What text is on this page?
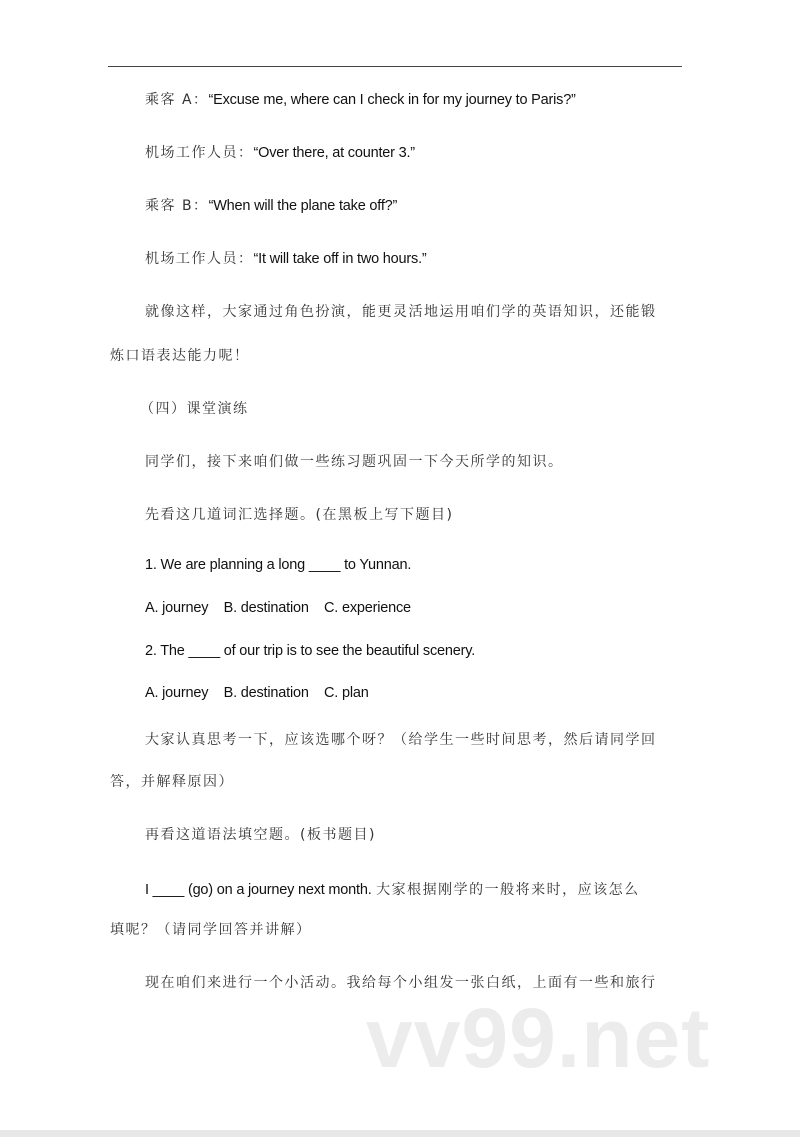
乘客 A：“Excuse me, where can I check in for my journey to Paris?”
机场工作人员：“Over there, at counter 3.”
乘客 B：“When will the plane take off?”
机场工作人员：“It will take off in two hours.”
就像这样，大家通过角色扮演，能更灵活地运用咱们学的英语知识，还能锻
炼口语表达能力呢！
（四）课堂演练
同学们，接下来咱们做一些练习题巩固一下今天所学的知识。
先看这几道词汇选择题。(在黑板上写下题目)
1. We are planning a long ____ to Yunnan.
A. journey B. destination C. experience
2. The ____ of our trip is to see the beautiful scenery.
A. journey B. destination C. plan
大家认真思考一下，应该选哪个呀？（给学生一些时间思考，然后请同学回
答，并解释原因）
再看这道语法填空题。(板书题目)
I ____ (go) on a journey next month. 大家根据刚学的一般将来时，应该怎么
填呢？（请同学回答并讲解）
现在咱们来进行一个小活动。我给每个小组发一张白纸，上面有一些和旅行
vv99.net
